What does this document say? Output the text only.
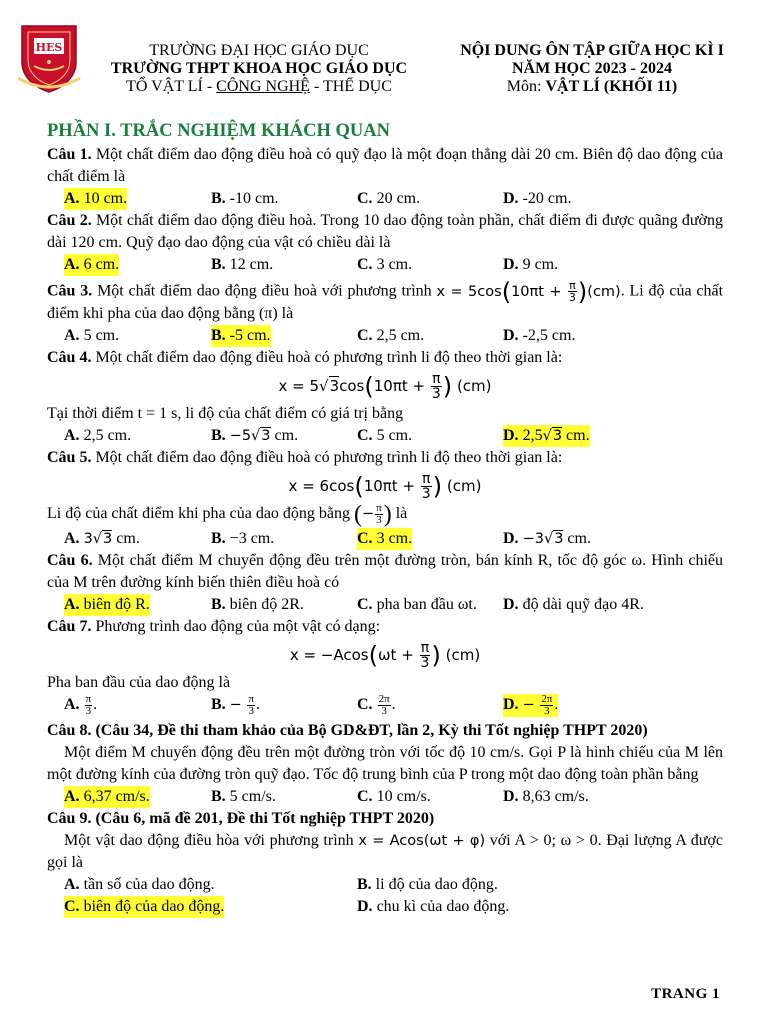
HES	TRƯỜNG ĐẠI HỌC GIÁO DỤC
TRƯỜNG THPT KHOA HỌC GIÁO DỤC
TỔ VẬT LÍ - CÔNG NGHỆ - THỂ DỤC
NỘI DUNG ÔN TẬP GIỮA HỌC KÌ I
NĂM HỌC 2023 - 2024
Môn: VẬT LÍ (KHỐI 11)
PHẦN I. TRẮC NGHIỆM KHÁCH QUAN

Câu 1. Một chất điểm dao động điều hoà có quỹ đạo là một đoạn thẳng dài 20 cm. Biên độ dao động của chất điểm là

A. 10 cm.	B. -10 cm.	C. 20 cm.	D. -20 cm.

Câu 2. Một chất điểm dao động điều hoà. Trong 10 dao động toàn phần, chất điểm đi được quãng đường dài 120 cm. Quỹ đạo dao động của vật có chiều dài là

A. 6 cm.	B. 12 cm.	C. 3 cm.	D. 9 cm.

Câu 3. Một chất điểm dao động điều hoà với phương trình $x = 5\cos(10\pi t + \frac{\pi}{3} )(cm)$. Li độ của chất điểm khi pha của dao động bằng (π) là

A. 5 cm.	B. -5 cm.	C. 2,5 cm.	D. -2,5 cm.

Câu 4. Một chất điểm dao động điều hoà có phương trình li độ theo thời gian là:

$x = 5√3\cos(10\pi t + \frac{\pi}{3}$ ) (cm)

Tại thời điểm t = 1 s, li độ của chất điểm có giá trị bằng

A. 2,5 cm.	B. −5√3 cm.	C. 5 cm.	D. 2,5√3 cm.

Câu 5. Một chất điểm dao động điều hoà có phương trình li độ theo thời gian là:

$x = 6\cos(10\pi t + \frac{\pi}{3}$ ) (cm)

Li độ của chất điểm khi pha của dao động bằng (− $\frac{\pi}{3}$ ) là

A. 3√3 cm.	B. −3 cm.	C. 3 cm.	D. −3√3 cm.

Câu 6. Một chất điểm M chuyển động đều trên một đường tròn, bán kính R, tốc độ góc ω. Hình chiếu của M trên đường kính biến thiên điều hoà có

A. biên độ R.	B. biên độ 2R.	C. pha ban đầu ωt. D. độ dài quỹ đạo 4R.

Câu 7. Phương trình dao động của một vật có dạng:

$x = -Acos(\omega t + \frac{\pi}{3}$ ) (cm)

Pha ban đầu của dao động là

A. $\frac{\pi}{3}$ .	B. − $\frac{\pi}{3}$ .	C. $\frac{2\pi}{3}$ .	D. − $\frac{2\pi}{3}$ .

Câu 8. (Câu 34, Đề thi tham khảo của Bộ GD&ĐT, lần 2, Kỳ thi Tốt nghiệp THPT 2020)

Một điểm M chuyển động đều trên một đường tròn với tốc độ 10 cm/s. Gọi P là hình chiếu của M lên một đường kính của đường tròn quỹ đạo. Tốc độ trung bình của P trong một dao động toàn phần bằng

A. 6,37 cm/s.	B. 5 cm/s.	C. 10 cm/s.	D. 8,63 cm/s.

Câu 9. (Câu 6, mã đề 201, Đề thi Tốt nghiệp THPT 2020)

Một vật dao động điều hòa với phương trình x = Acos(ωt + φ) với A > 0; ω > 0. Đại lượng A được gọi là

A. tần số của dao động.	B. li độ của dao động.
C. biên độ của dao động.	D. chu kì của dao động.
TRANG 1
